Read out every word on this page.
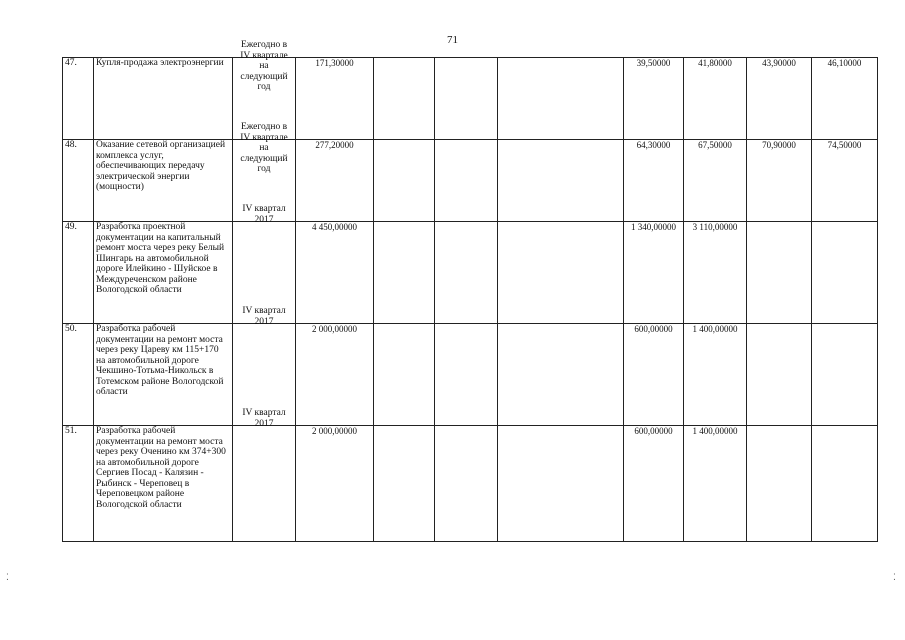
71
47.	Купля-продажа электроэнергии	Ежегодно в IV квартале на следующий год	171,30000				39,50000	41,80000	43,90000	46,10000
48.	Оказание сетевой организацией комплекса услуг, обеспечивающих передачу электрической энергии (мощности)	Ежегодно в IV квартале на следующий год	277,20000				64,30000	67,50000	70,90000	74,50000
49.	Разработка проектной документации на капитальный ремонт моста через реку Белый Шингарь на автомобильной дороге Илейкино - Шуйское в Междуреченском районе Вологодской области	IV квартал 2017	4 450,00000				1 340,00000	3 110,00000		
50.	Разработка рабочей документации на ремонт моста через реку Цареву км 115+170 на автомобильной дороге Чекшино-Тотьма-Никольск в Тотемском районе Вологодской области	IV квартал 2017	2 000,00000				600,00000	1 400,00000		
51.	Разработка рабочей документации на ремонт моста через реку Оченино км 374+300 на автомобильной дороге Сергиев Посад - Калязин - Рыбинск - Череповец в Череповецком районе Вологодской области	IV квартал 2017	2 000,00000				600,00000	1 400,00000		
⁚	⁚
